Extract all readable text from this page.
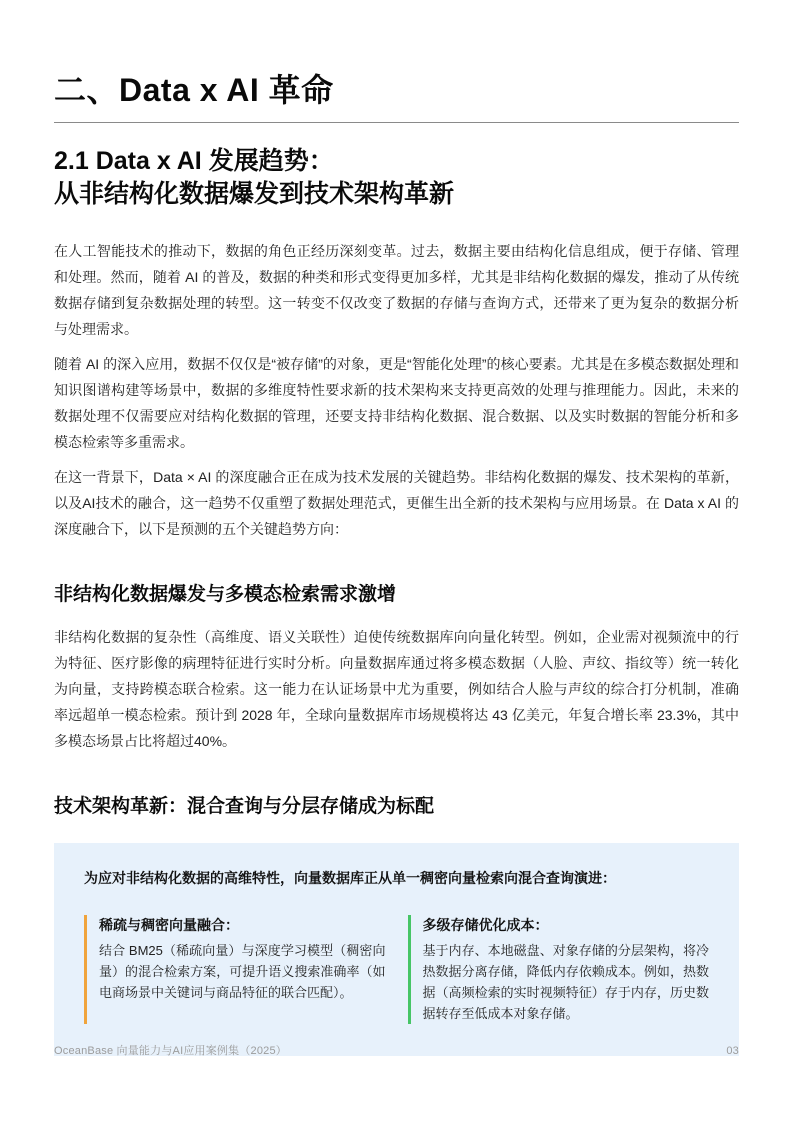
二、Data x AI 革命
2.1 Data x AI 发展趋势：
从非结构化数据爆发到技术架构革新

在人工智能技术的推动下，数据的角色正经历深刻变革。过去，数据主要由结构化信息组成，便于存储、管理和处理。然而，随着 AI 的普及，数据的种类和形式变得更加多样，尤其是非结构化数据的爆发，推动了从传统数据存储到复杂数据处理的转型。这一转变不仅改变了数据的存储与查询方式，还带来了更为复杂的数据分析与处理需求。

随着 AI 的深入应用，数据不仅仅是“被存储”的对象，更是“智能化处理”的核心要素。尤其是在多模态数据处理和知识图谱构建等场景中，数据的多维度特性要求新的技术架构来支持更高效的处理与推理能力。因此，未来的数据处理不仅需要应对结构化数据的管理，还要支持非结构化数据、混合数据、以及实时数据的智能分析和多模态检索等多重需求。

在这一背景下，Data × AI 的深度融合正在成为技术发展的关键趋势。非结构化数据的爆发、技术架构的革新，以及AI技术的融合，这一趋势不仅重塑了数据处理范式，更催生出全新的技术架构与应用场景。在 Data x AI 的深度融合下，以下是预测的五个关键趋势方向：

非结构化数据爆发与多模态检索需求激增

非结构化数据的复杂性（高维度、语义关联性）迫使传统数据库向向量化转型。例如，企业需对视频流中的行为特征、医疗影像的病理特征进行实时分析。向量数据库通过将多模态数据（人脸、声纹、指纹等）统一转化为向量，支持跨模态联合检索。这一能力在认证场景中尤为重要，例如结合人脸与声纹的综合打分机制，准确率远超单一模态检索。预计到 2028 年，全球向量数据库市场规模将达 43 亿美元，年复合增长率 23.3%，其中多模态场景占比将超过40%。

技术架构革新：混合查询与分层存储成为标配

为应对非结构化数据的高维特性，向量数据库正从单一稠密向量检索向混合查询演进：

稀疏与稠密向量融合：
结合 BM25（稀疏向量）与深度学习模型（稠密向量）的混合检索方案，可提升语义搜索准确率（如电商场景中关键词与商品特征的联合匹配）。
多级存储优化成本：
基于内存、本地磁盘、对象存储的分层架构，将冷热数据分离存储，降低内存依赖成本。例如，热数据（高频检索的实时视频特征）存于内存，历史数据转存至低成本对象存储。
OceanBase 向量能力与AI应用案例集（2025）	03
